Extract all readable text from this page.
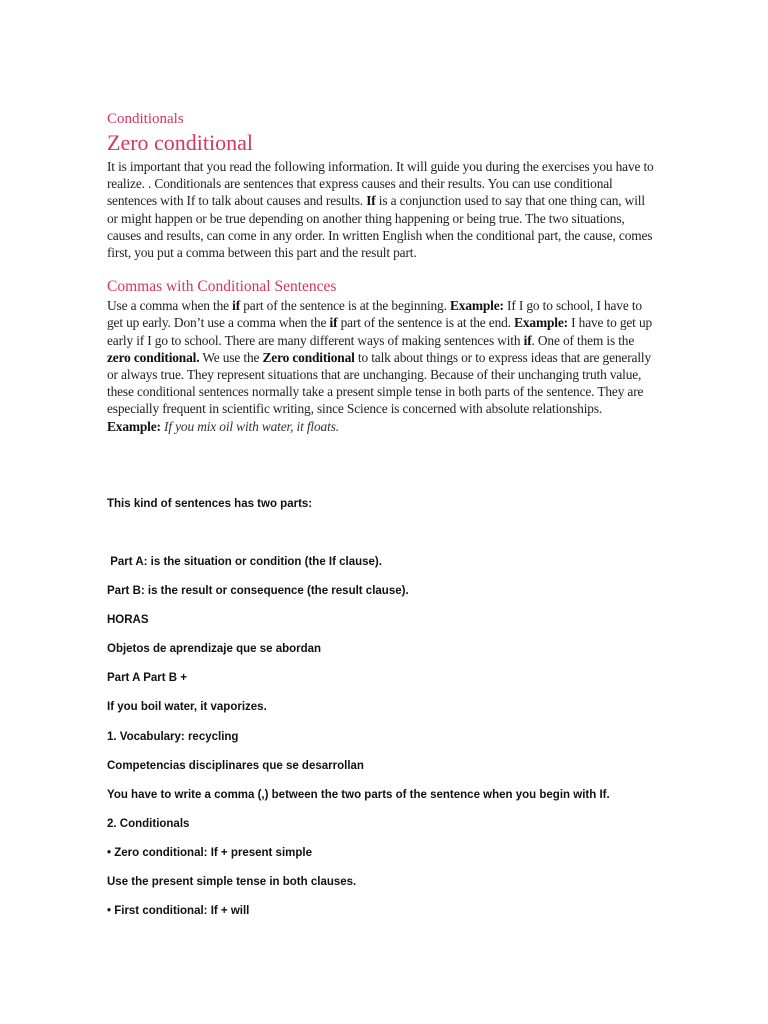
Conditionals

Zero conditional

It is important that you read the following information. It will guide you during the exercises you have to realize. . Conditionals are sentences that express causes and their results. You can use conditional sentences with If to talk about causes and results. If is a conjunction used to say that one thing can, will or might happen or be true depending on another thing happening or being true. The two situations, causes and results, can come in any order. In written English when the conditional part, the cause, comes first, you put a comma between this part and the result part.

Commas with Conditional Sentences

Use a comma when the if part of the sentence is at the beginning. Example: If I go to school, I have to get up early. Don’t use a comma when the if part of the sentence is at the end. Example: I have to get up early if I go to school. There are many different ways of making sentences with if. One of them is the zero conditional. We use the Zero conditional to talk about things or to express ideas that are generally or always true. They represent situations that are unchanging. Because of their unchanging truth value, these conditional sentences normally take a present simple tense in both parts of the sentence. They are especially frequent in scientific writing, since Science is concerned with absolute relationships. Example: If you mix oil with water, it floats.

This kind of sentences has two parts:

Part A: is the situation or condition (the If clause).

Part B: is the result or consequence (the result clause).

HORAS

Objetos de aprendizaje que se abordan

Part A Part B +

If you boil water, it vaporizes.

1. Vocabulary: recycling

Competencias disciplinares que se desarrollan

You have to write a comma (,) between the two parts of the sentence when you begin with If.

2. Conditionals

• Zero conditional: If + present simple

Use the present simple tense in both clauses.

• First conditional: If + will
